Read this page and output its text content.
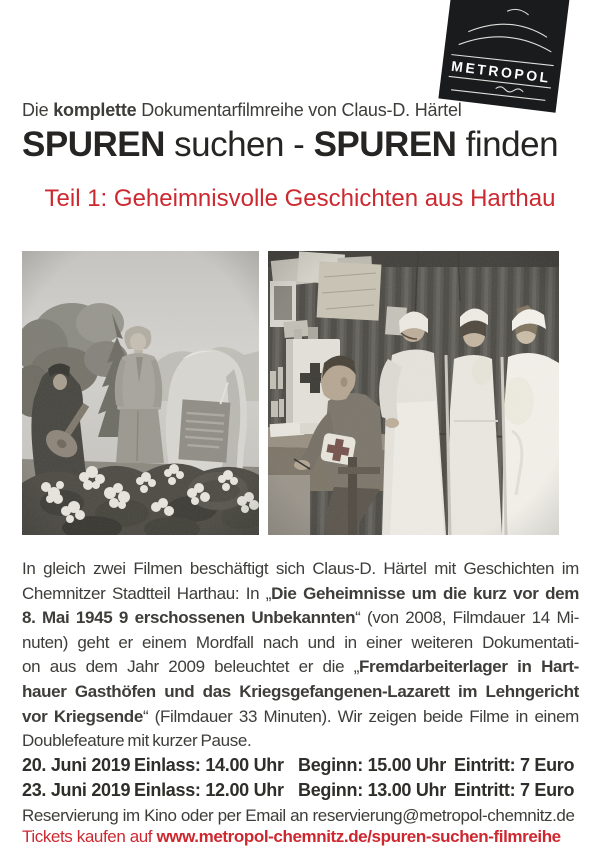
METROPOL
Die komplette Dokumentarfilmreihe von Claus-D. Härtel
SPUREN suchen - SPUREN finden
Teil 1: Geheimnisvolle Geschichten aus Harthau
In gleich zwei Filmen beschäftigt sich Claus-D. Härtel mit Geschichten im
Chemnitzer Stadtteil Harthau: In „Die Geheimnisse um die kurz vor dem
8. Mai 1945 9 erschossenen Unbekannten“ (von 2008, Filmdauer 14 Mi-
nuten) geht er einem Mordfall nach und in einer weiteren Dokumentati-
on aus dem Jahr 2009 beleuchtet er die „Fremdarbeiterlager in Hart-
hauer Gasthöfen und das Kriegsgefangenen-Lazarett im Lehngericht
vor Kriegsende“ (Filmdauer 33 Minuten). Wir zeigen beide Filme in einem
Doublefeature mit kurzer Pause.
20. Juni 2019 Einlass: 14.00 Uhr Beginn: 15.00 Uhr Eintritt: 7 Euro
23. Juni 2019 Einlass: 12.00 Uhr Beginn: 13.00 Uhr Eintritt: 7 Euro
Reservierung im Kino oder per Email an reservierung@metropol-chemnitz.de
Tickets kaufen auf www.metropol-chemnitz.de/spuren-suchen-filmreihe
